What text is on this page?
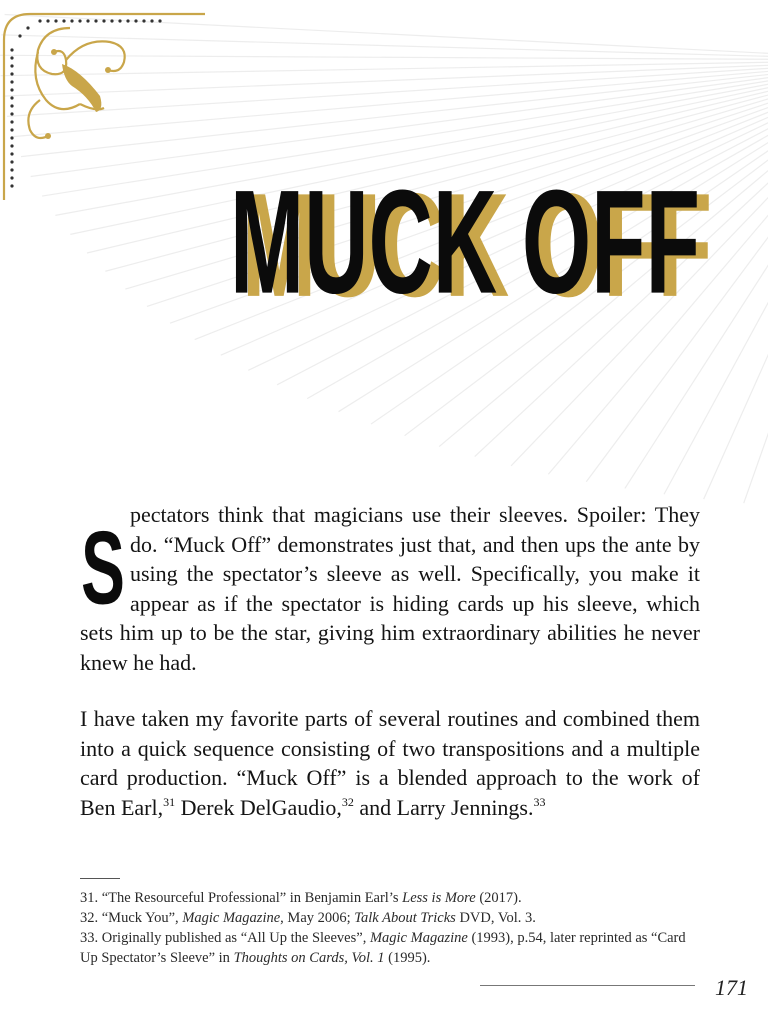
MUCK OFF
MUCK OFF

S pectators think that magicians use their sleeves. Spoiler: They do. “Muck Off” demonstrates just that, and then ups the ante by using the spectator’s sleeve as well. Specifically, you make it appear as if the spectator is hiding cards up his sleeve, which sets him up to be the star, giving him extraordinary abilities he never knew he had.

I have taken my favorite parts of several routines and combined them into a quick sequence consisting of two transpositions and a multiple card production. “Muck Off” is a blended approach to the work of Ben Earl,$^{31}$ Derek DelGaudio,$^{32}$ and Larry Jennings.$^{33}$

31. “The Resourceful Professional” in Benjamin Earl’s Less is More (2017).

32. “Muck You”, Magic Magazine, May 2006; Talk About Tricks DVD, Vol. 3.

33. Originally published as “All Up the Sleeves”, Magic Magazine (1993), p.54, later reprinted as “Card Up Spectator’s Sleeve” in Thoughts on Cards, Vol. 1 (1995).

171
